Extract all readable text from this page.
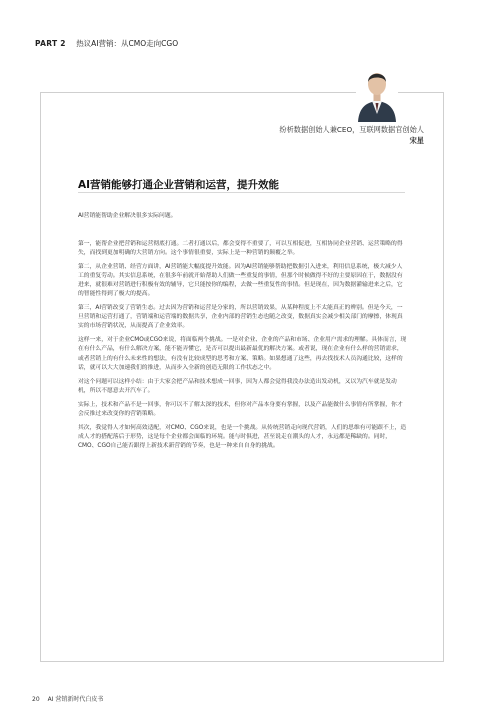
PART 2 热议AI营销：从CMO走向CGO
纷析数据创始人兼CEO，互联网数据官创始人
宋星
AI营销能够打通企业营销和运营，提升效能
AI营销能帮助企业解决很多实际问题。

第一，能帮企业把营销和运营彻底打通。二者打通以后，都会变得不重要了，可以互相促进，互相协同企业营销、运营策略的得失，而找到更加明确的大营销方向。这个事情很重要，实际上是一种营销的颠覆之举。

第二，从企业营销、经营方面讲，AI营销能大幅度提升效能。因为AI营销能够帮助把数据引入进来，利用信息系统，极大减少人工的重复劳动。其实信息系统，在很多年前就开始帮助人们做一些重复的事情，但那个时候做得不好的主要原因在于，数据没有进来，就很难对营销进行积极有效的辅导，它只能按你的编程，去做一些重复性的事情。但是现在，因为数据灌输进来之后，它的智能性得到了极大的提高。

第三，AI营销改变了营销生态。过去因为营销和运营是分家的，所以营销效果，从某种程度上不太能真正的辨别。但是今天，一旦营销和运营打通了，营销端和运营端的数据共享，企业内部的营销生态也随之改变，数据真实会减少相关部门的摩擦，体现真实的市场营销状况，从而提高了企业效率。

这样一来，对于企业CMO或CGO来说，将面临两个挑战。一是对企业、企业的产品和市场、企业用户需求的理解。具体而言，现在有什么产品，有什么解决方案，能不能弄懂它，是否可以提出最新最优的解决方案。或者说，现在企业有什么样的营销需求，或者营销上的有什么未来性的想法，有没有比较成型的思考和方案、策略。如果想通了这些，再去找技术人员沟通比较，这样的话，就可以大大加速我们的推进，从而步入全新的创造无限的工作状态之中。

对这个问题可以这样小结：由于大家会把产品和技术想成一回事，因为人都会觉得我没办法造出发动机，又以为汽车就是发动机，所以不愿意去开汽车了。

实际上，技术和产品不是一回事，你可以不了解太深的技术，但你对产品本身要有掌握，以及产品能做什么事情有所掌握，你才会反推过来改变你的营销策略。

其次，我觉得人才如何高效适配，对CMO、CGO来说，也是一个挑战。从传统营销走向现代营销，人们的思维有可能跟不上，造成人才的搭配落后于形势，这是每个企业都会面临的环境。能与时俱进，甚至说走在潮头的人才，永远都是稀缺的。同时，CMO、CGO自己能否跟得上新技术新营销的节奏，也是一种来自自身的挑战。

20 AI 营销新时代白皮书
